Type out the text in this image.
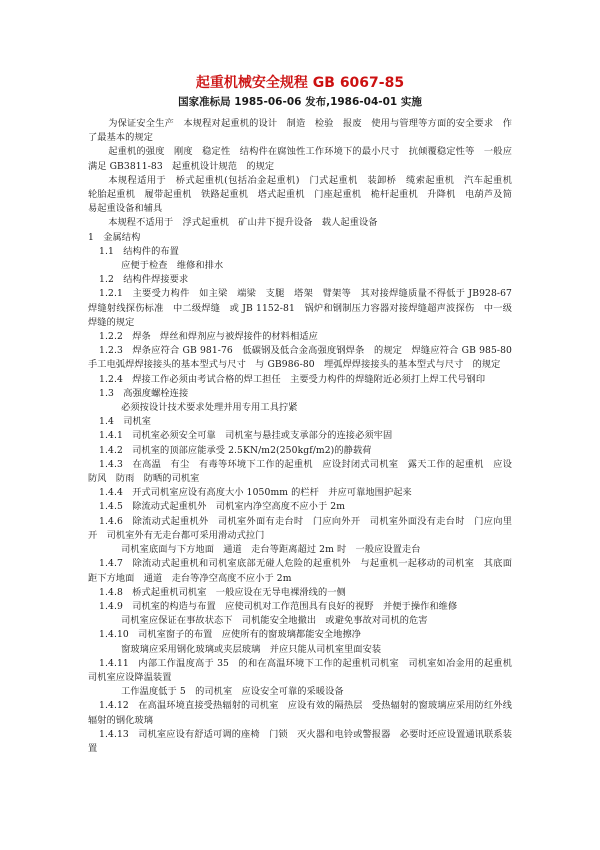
起重机械安全规程 GB 6067-85
国家准标局 1985-06-06 发布,1986-04-01 实施

为保证安全生产　本规程对起重机的设计　制造　检验　报废　使用与管理等方面的安全要求　作了最基本的规定

起重机的强度　刚度　稳定性　结构件在腐蚀性工作环境下的最小尺寸　抗倾覆稳定性等　一般应满足 GB3811-83　起重机设计规范　的规定

本规程适用于　桥式起重机(包括冶金起重机)　门式起重机　装卸桥　缆索起重机　汽车起重机　轮胎起重机　履带起重机　铁路起重机　塔式起重机　门座起重机　桅杆起重机　升降机　电葫芦及简易起重设备和辅具

本规程不适用于　浮式起重机　矿山井下提升设备　载人起重设备

1　金属结构

1.1　结构件的布置

应便于检查　维修和排水

1.2　结构件焊接要求

1.2.1　主要受力构件　如主梁　端梁　支腿　塔架　臂架等　其对接焊缝质量不得低于 JB928-67　焊缝射线探伤标准　中二级焊缝　或 JB 1152-81　锅炉和钢制压力容器对接焊缝超声波探伤　中一级焊缝的规定

1.2.2　焊条　焊丝和焊剂应与被焊接件的材料相适应

1.2.3　焊条应符合 GB 981-76　低碳钢及低合金高强度钢焊条　的规定　焊缝应符合 GB 985-80　手工电弧焊焊接接头的基本型式与尺寸　与 GB986-80　埋弧焊焊接接头的基本型式与尺寸　的规定

1.2.4　焊接工作必须由考试合格的焊工担任　主要受力构件的焊缝附近必须打上焊工代号钢印

1.3　高强度螺栓连接

必须按设计技术要求处理并用专用工具拧紧

1.4　司机室

1.4.1　司机室必须安全可靠　司机室与悬挂或支承部分的连接必须牢固

1.4.2　司机室的顶部应能承受 2.5KN/m2(250kgf/m2)的静载荷

1.4.3　在高温　有尘　有毒等环境下工作的起重机　应设封闭式司机室　露天工作的起重机　应设防风　防雨　防晒的司机室

1.4.4　开式司机室应设有高度大小 1050mm 的栏杆　并应可靠地围护起来

1.4.5　除流动式起重机外　司机室内净空高度不应小于 2m

1.4.6　除流动式起重机外　司机室外面有走台时　门应向外开　司机室外面没有走台时　门应向里开　司机室外有无走台都可采用滑动式拉门

司机室底面与下方地面　通道　走台等距离超过 2m 时　一般应设置走台

1.4.7　除流动式起重机和司机室底部无碰人危险的起重机外　与起重机一起移动的司机室　其底面距下方地面　通道　走台等净空高度不应小于 2m

1.4.8　桥式起重机司机室　一般应设在无导电裸滑线的一侧

1.4.9　司机室的构造与布置　应使司机对工作范围具有良好的视野　并便于操作和维修

司机室应保证在事故状态下　司机能安全地撤出　或避免事故对司机的危害

1.4.10　司机室窗子的布置　应使所有的窗玻璃都能安全地擦净

窗玻璃应采用钢化玻璃或夹层玻璃　并应只能从司机室里面安装

1.4.11　内部工作温度高于 35　的和在高温环境下工作的起重机司机室　司机室如冶金用的起重机司机室应设降温装置

工作温度低于 5　的司机室　应设安全可靠的采暖设备

1.4.12　在高温环境直接受热辐射的司机室　应设有效的隔热层　受热辐射的窗玻璃应采用防红外线辐射的钢化玻璃

1.4.13　司机室应设有舒适可调的座椅　门锁　灭火器和电铃或警报器　必要时还应设置通讯联系装置
